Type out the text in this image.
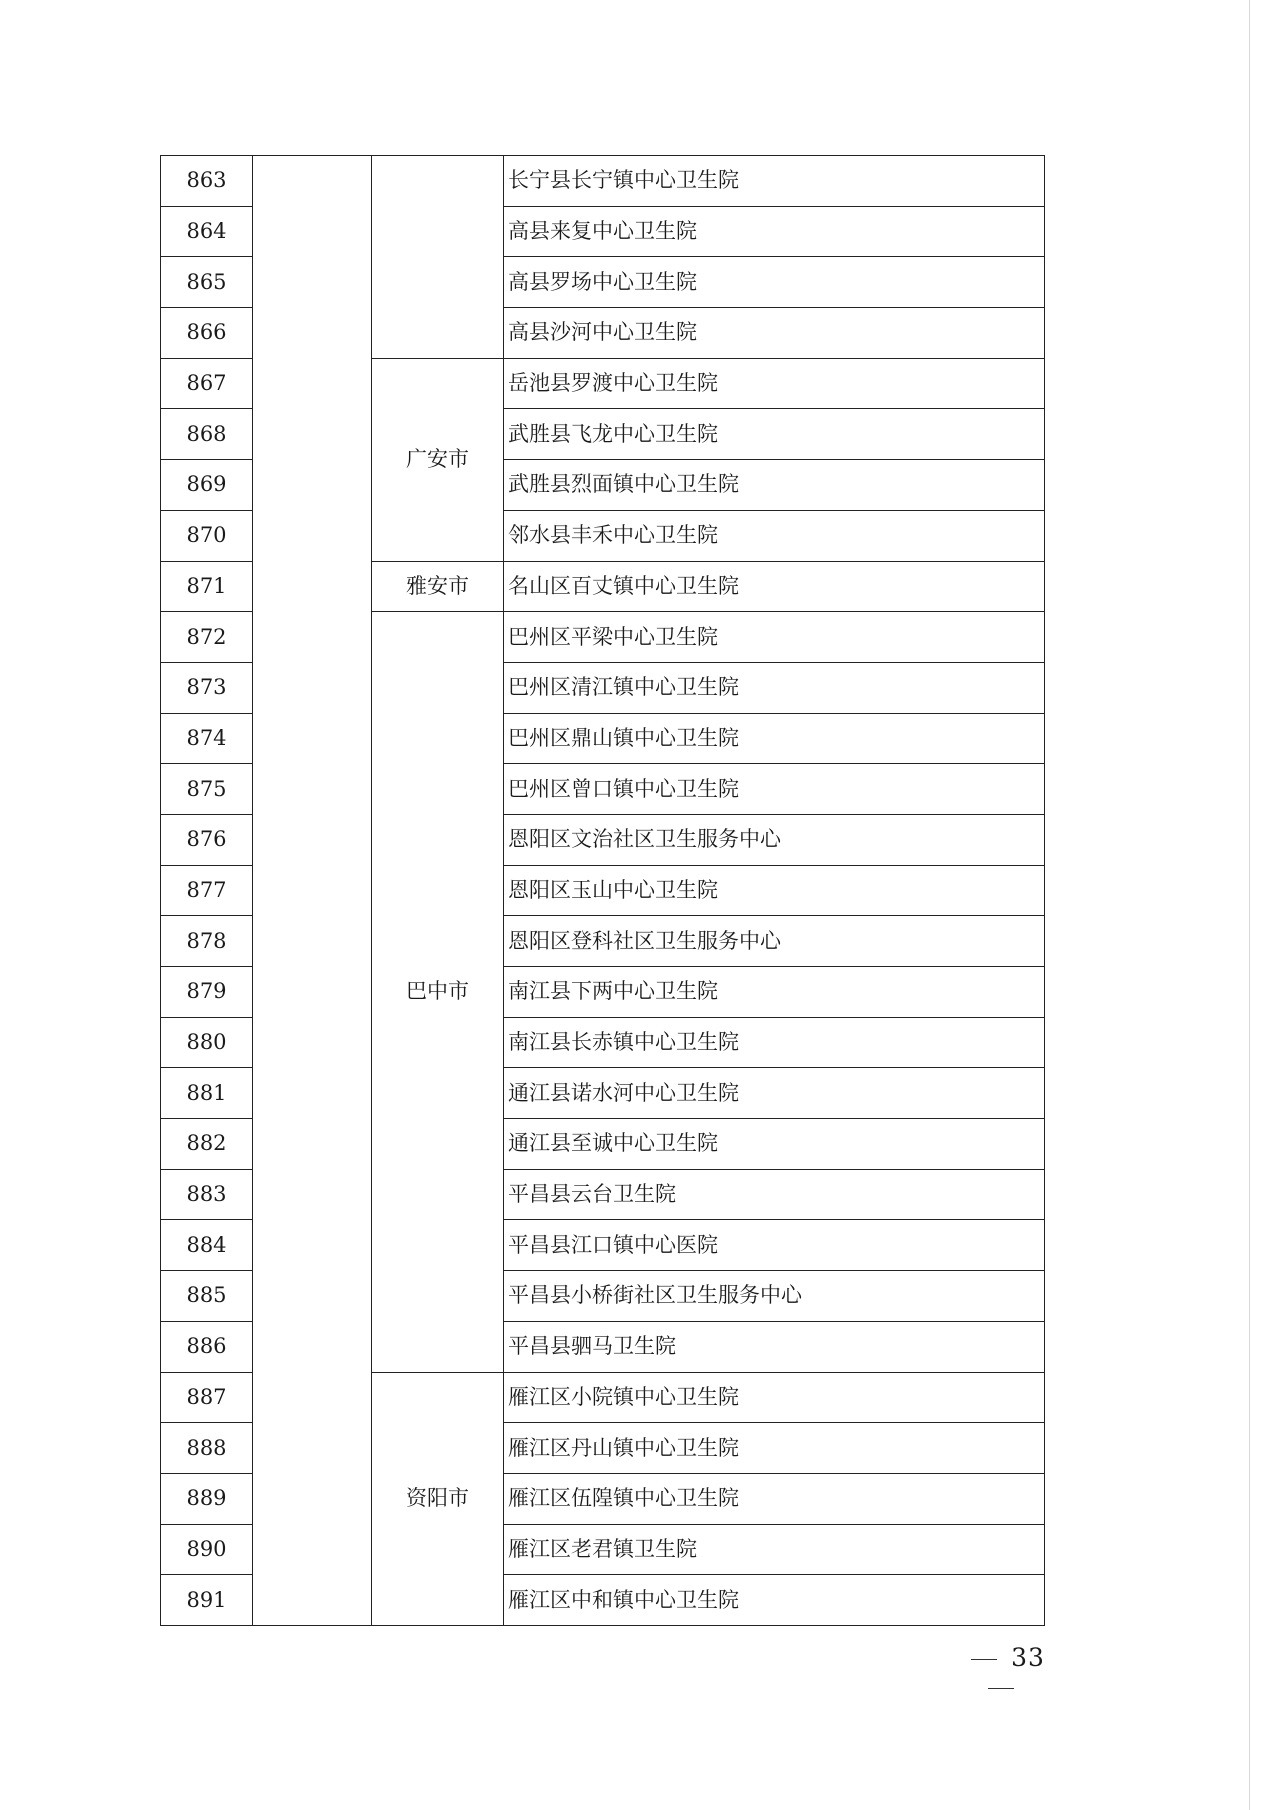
863			长宁县长宁镇中心卫生院
864			高县来复中心卫生院
865			高县罗场中心卫生院
866			高县沙河中心卫生院
867		广安市	岳池县罗渡中心卫生院
868			武胜县飞龙中心卫生院
869			武胜县烈面镇中心卫生院
870			邻水县丰禾中心卫生院
871		雅安市	名山区百丈镇中心卫生院
872		巴中市	巴州区平梁中心卫生院
873			巴州区清江镇中心卫生院
874			巴州区鼎山镇中心卫生院
875			巴州区曾口镇中心卫生院
876			恩阳区文治社区卫生服务中心
877			恩阳区玉山中心卫生院
878			恩阳区登科社区卫生服务中心
879			南江县下两中心卫生院
880			南江县长赤镇中心卫生院
881			通江县诺水河中心卫生院
882			通江县至诚中心卫生院
883			平昌县云台卫生院
884			平昌县江口镇中心医院
885			平昌县小桥街社区卫生服务中心
886			平昌县驷马卫生院
887		资阳市	雁江区小院镇中心卫生院
888			雁江区丹山镇中心卫生院
889			雁江区伍隍镇中心卫生院
890			雁江区老君镇卫生院
891			雁江区中和镇中心卫生院
33
